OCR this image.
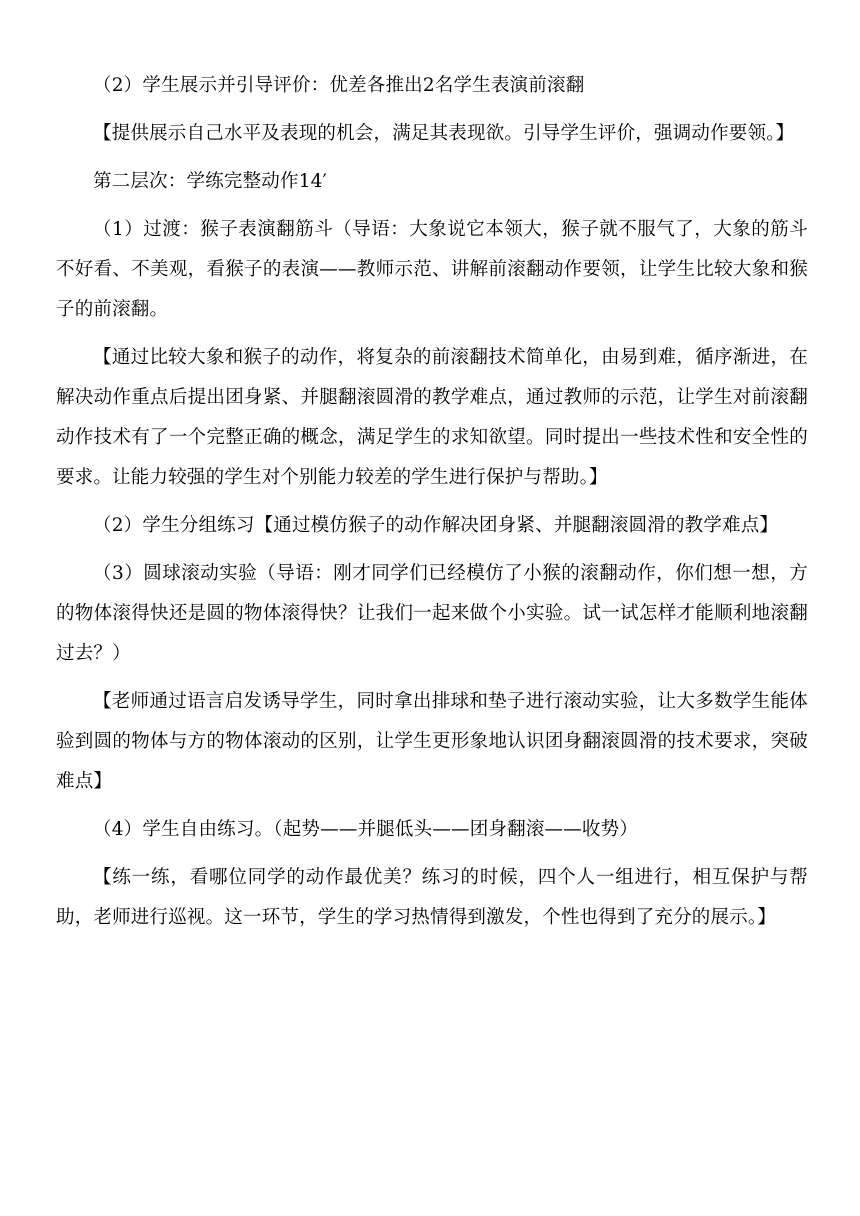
（2）学生展示并引导评价：优差各推出2名学生表演前滚翻

【提供展示自己水平及表现的机会，满足其表现欲。引导学生评价，强调动作要领。】

第二层次：学练完整动作14′

（1）过渡：猴子表演翻筋斗（导语：大象说它本领大，猴子就不服气了，大象的筋斗不好看、不美观，看猴子的表演——教师示范、讲解前滚翻动作要领，让学生比较大象和猴子的前滚翻。

【通过比较大象和猴子的动作，将复杂的前滚翻技术简单化，由易到难，循序渐进，在解决动作重点后提出团身紧、并腿翻滚圆滑的教学难点，通过教师的示范，让学生对前滚翻动作技术有了一个完整正确的概念，满足学生的求知欲望。同时提出一些技术性和安全性的要求。让能力较强的学生对个别能力较差的学生进行保护与帮助。】

（2）学生分组练习【通过模仿猴子的动作解决团身紧、并腿翻滚圆滑的教学难点】

（3）圆球滚动实验（导语：刚才同学们已经模仿了小猴的滚翻动作，你们想一想，方的物体滚得快还是圆的物体滚得快？让我们一起来做个小实验。试一试怎样才能顺利地滚翻过去？）

【老师通过语言启发诱导学生，同时拿出排球和垫子进行滚动实验，让大多数学生能体验到圆的物体与方的物体滚动的区别，让学生更形象地认识团身翻滚圆滑的技术要求，突破难点】

（4）学生自由练习。（起势——并腿低头——团身翻滚——收势）

【练一练，看哪位同学的动作最优美？练习的时候，四个人一组进行，相互保护与帮助，老师进行巡视。这一环节，学生的学习热情得到激发，个性也得到了充分的展示。】
